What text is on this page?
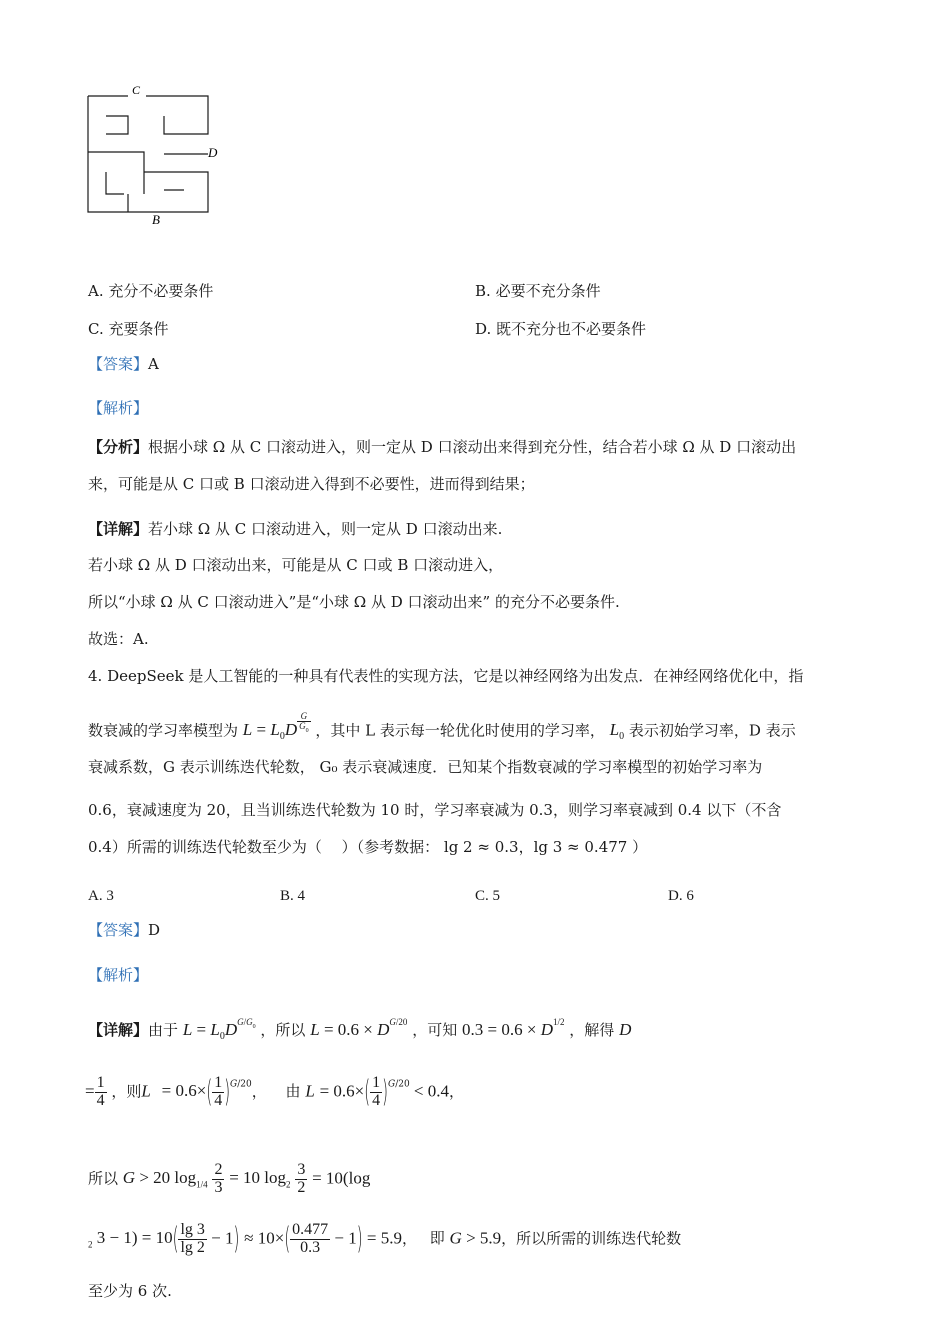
C
D
B
A. 充分不必要条件	B. 必要不充分条件
C. 充要条件	D. 既不充分也不必要条件
【答案】A
【解析】
【分析】根据小球 Ω 从 C 口滚动进入，则一定从 D 口滚动出来得到充分性，结合若小球 Ω 从 D 口滚动出
来，可能是从 C 口或 B 口滚动进入得到不必要性，进而得到结果；
【详解】若小球 Ω 从 C 口滚动进入，则一定从 D 口滚动出来.
若小球 Ω 从 D 口滚动出来，可能是从 C 口或 B 口滚动进入，
所以“小球 Ω 从 C 口滚动进入”是“小球 Ω 从 D 口滚动出来” 的充分不必要条件.
故选：A.
4. DeepSeek 是人工智能的一种具有代表性的实现方法，它是以神经网络为出发点．在神经网络优化中，指
数衰减的学习率模型为 $L = L_0D$ $^{\frac{G}{G_0}}$ ，其中 L 表示每一轮优化时使用的学习率， $L_0$ 表示初始学习率，D 表示
衰减系数，G 表示训练迭代轮数， G₀ 表示衰减速度．已知某个指数衰减的学习率模型的初始学习率为
0.6，衰减速度为 20，且当训练迭代轮数为 10 时，学习率衰减为 0.3，则学习率衰减到 0.4 以下（不含
0.4）所需的训练迭代轮数至少为（　 ）（参考数据： lg 2 ≈ 0.3，lg 3 ≈ 0.477 ）
A. 3	B. 4	C. 5	D. 6
【答案】D
【解析】
【详解】由于 $L = L_0D^{G/G_0}$ ，所以 $L = 0.6 \times D^{G/20}$ ，可知 $0.3 = 0.6 \times D^{1/2}$ ，解得 D
= $\frac{1}{4}$ ，则$L = 0.6\times( \frac{1}{4} )^{G/20}$， 由 $L = 0.6\times( \frac{1}{4} )^{G/20} < 0.4$，
所以 G > 20 $\log_{1/4} \frac{2}{3} = 10$ $\log_2 \frac{3}{2} = 10(\log$
$_2$ $3 - 1) = 10( \frac{\lg 3}{\lg 2} - 1) \approx 10\times( \frac{0.477}{0.3} - 1) = 5.9$， 即 G > 5.9，所以所需的训练迭代轮数
至少为 6 次.
